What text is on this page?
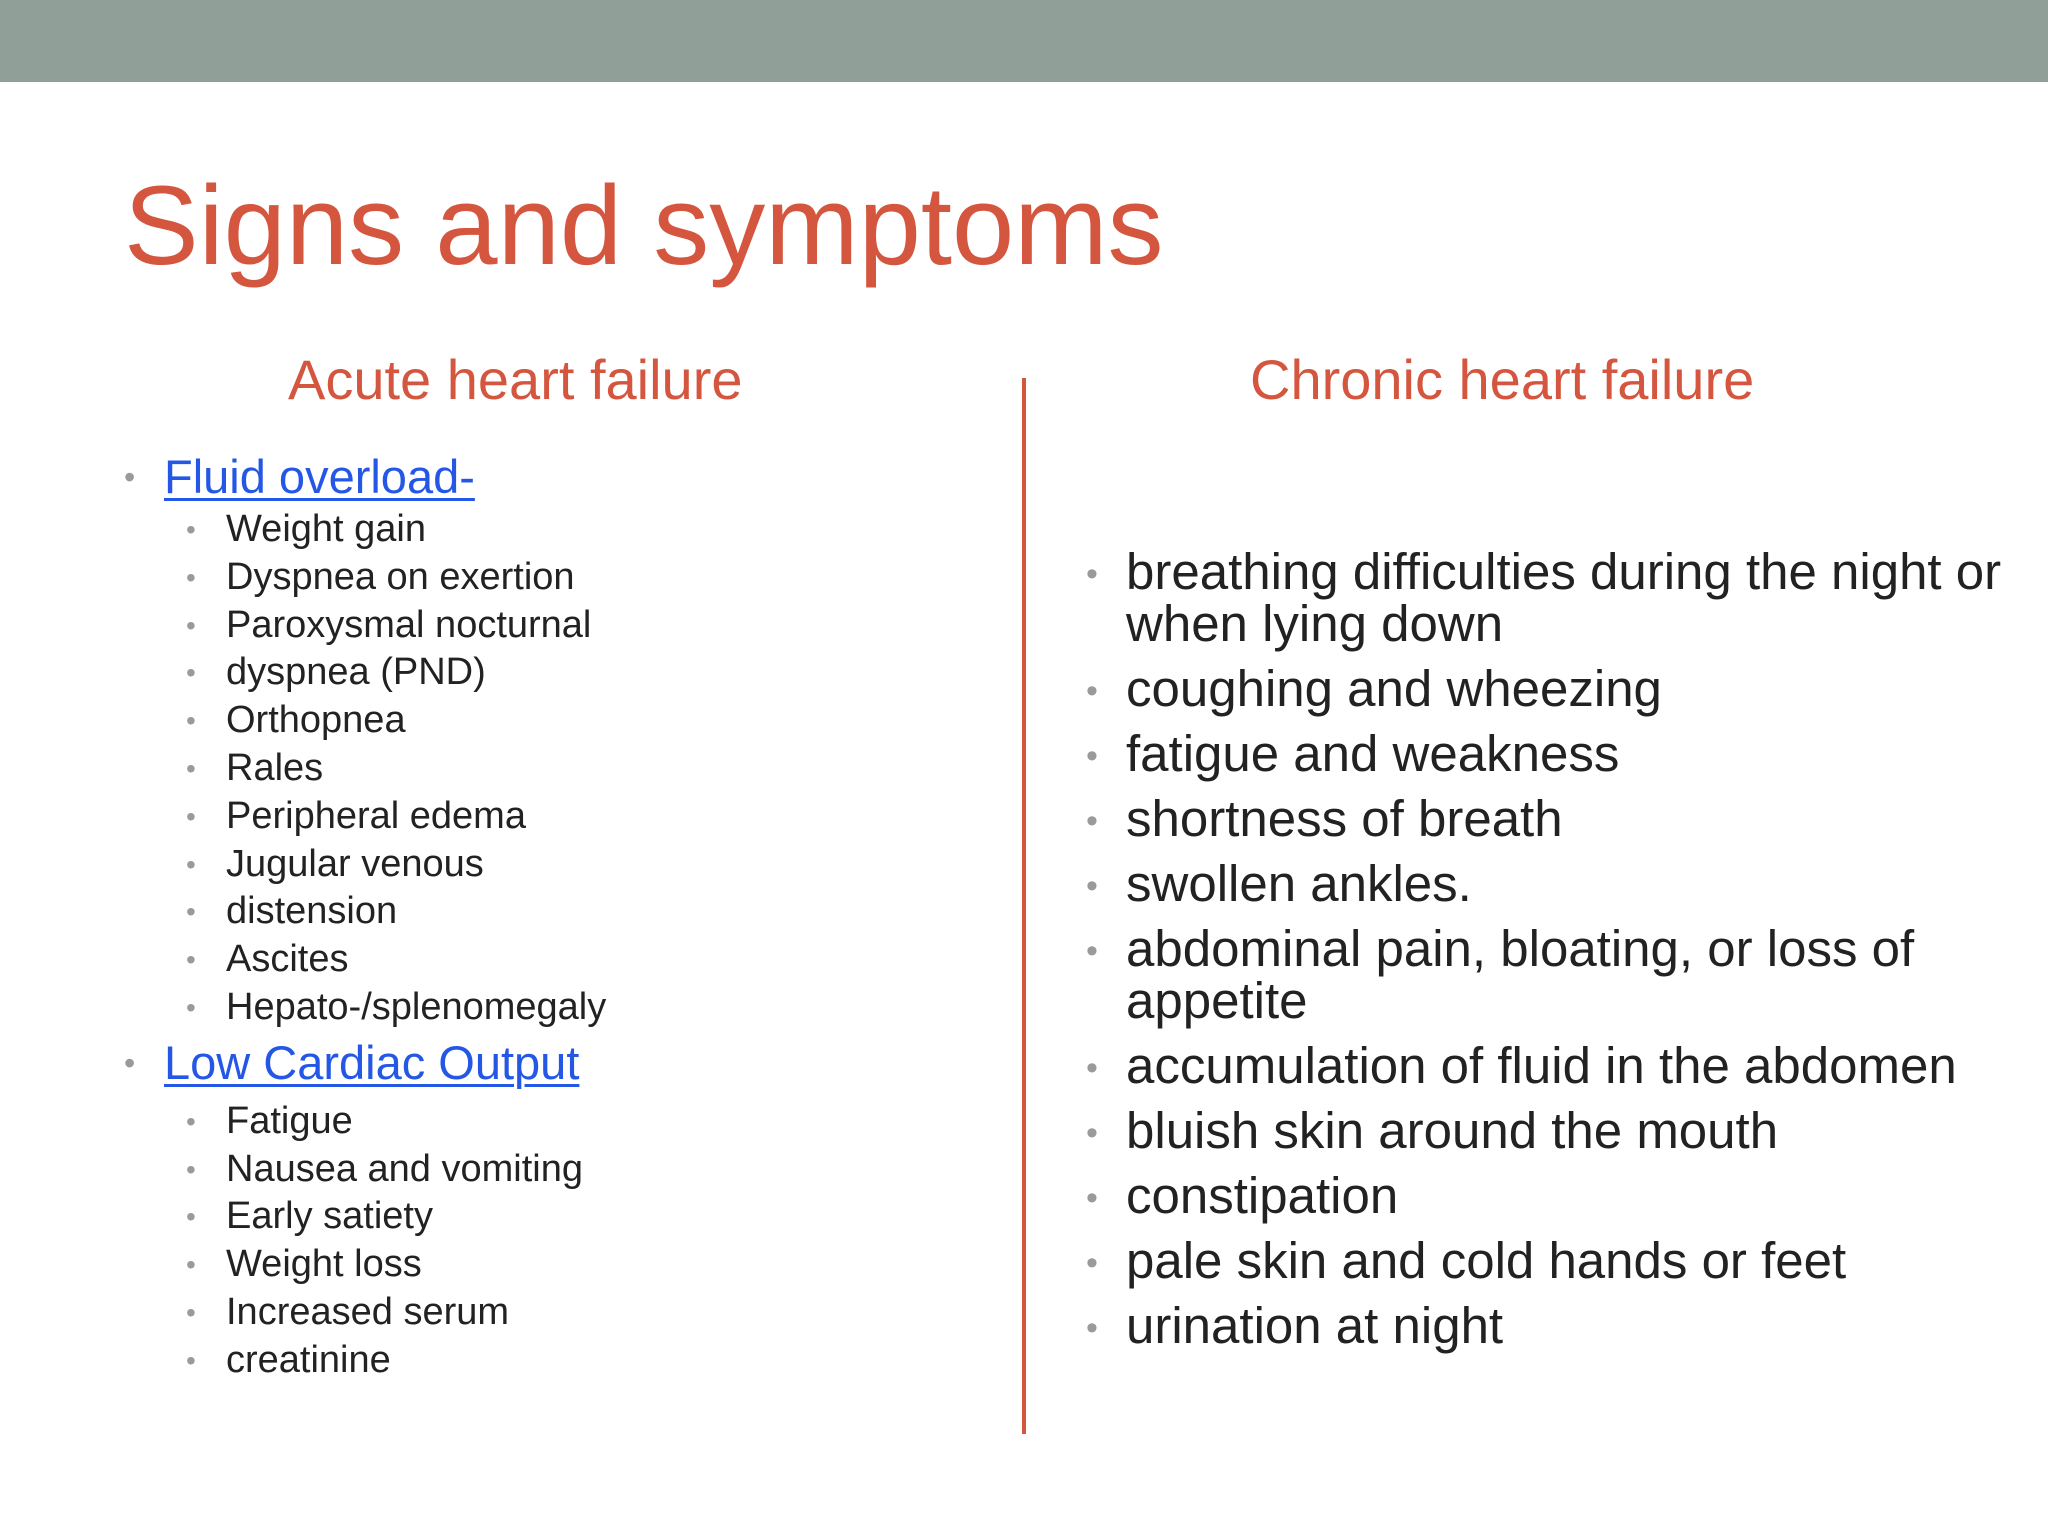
Signs and symptoms
Acute heart failure	Chronic heart failure
• Fluid overload-
• Weight gain
• Dyspnea on exertion
• Paroxysmal nocturnal
• dyspnea (PND)
• Orthopnea
• Rales
• Peripheral edema
• Jugular venous
• distension
• Ascites
• Hepato-/splenomegaly
• Low Cardiac Output
• Fatigue
• Nausea and vomiting
• Early satiety
• Weight loss
• Increased serum
• creatinine
• breathing difficulties during the night or when lying down
• coughing and wheezing
• fatigue and weakness
• shortness of breath
• swollen ankles.
• abdominal pain, bloating, or loss of appetite
• accumulation of fluid in the abdomen
• bluish skin around the mouth
• constipation
• pale skin and cold hands or feet
• urination at night
